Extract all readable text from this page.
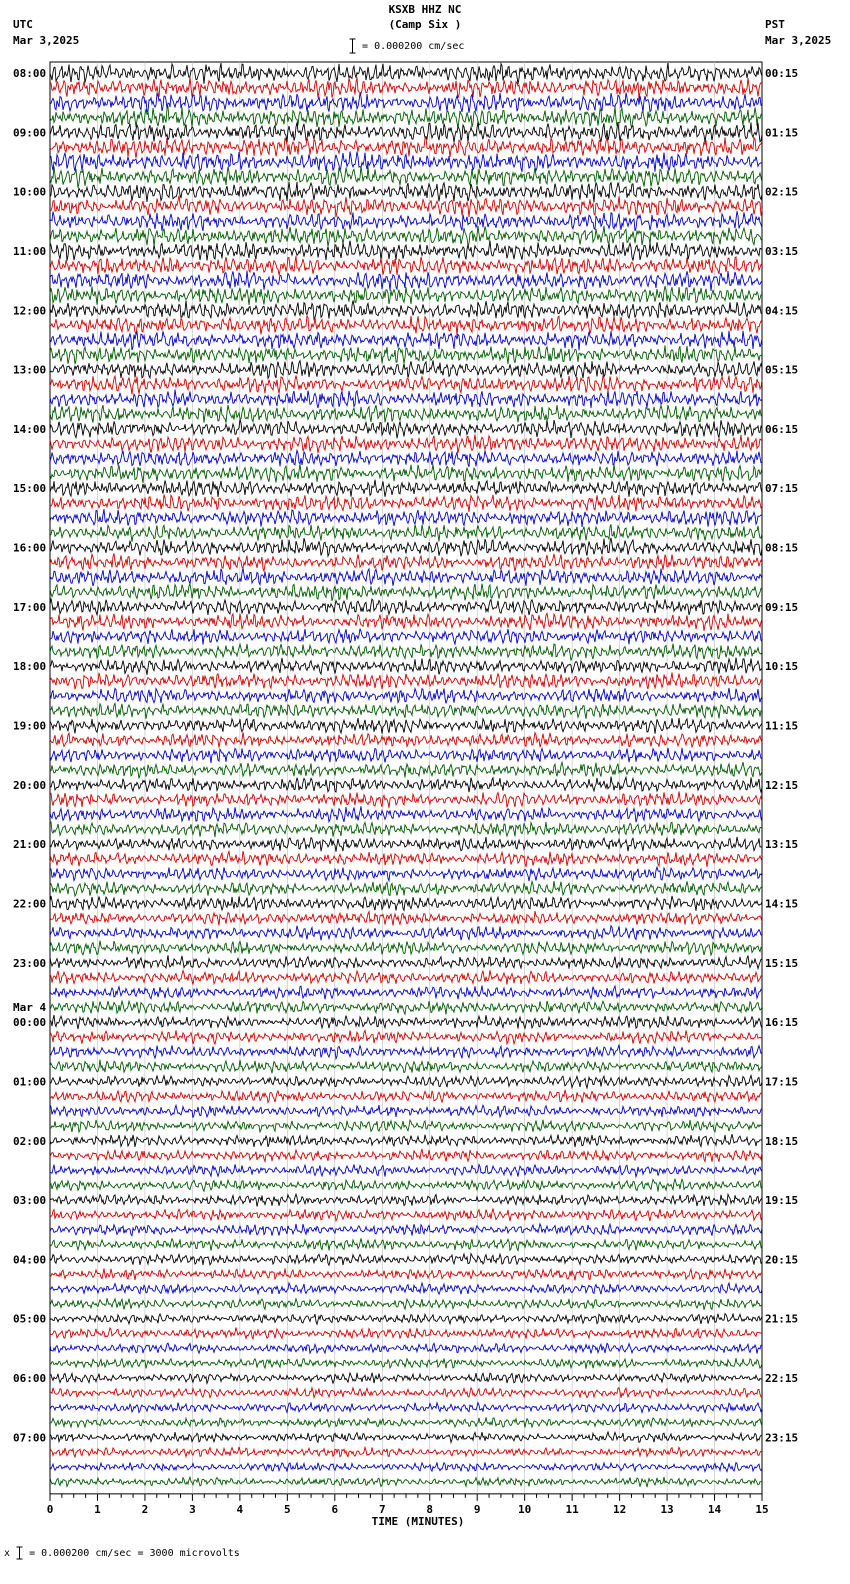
08:00
09:00
10:00
11:00
12:00
13:00
14:00
15:00
16:00
17:00
18:00
19:00
20:00
21:00
22:00
23:00
00:00
01:00
02:00
03:00
04:00
05:00
06:00
07:00
Mar 4
00:15
01:15
02:15
03:15
04:15
05:15
06:15
07:15
08:15
09:15
10:15
11:15
12:15
13:15
14:15
15:15
16:15
17:15
18:15
19:15
20:15
21:15
22:15
23:15
0	1	2	3	4	5	6	7	8	9	10	11	12	13	14	15
TIME (MINUTES)
KSXB HHZ NC
(Camp Six )
UTC
Mar 3,2025
PST
Mar 3,2025
= 0.000200 cm/sec
x = 0.000200 cm/sec = 3000 microvolts
